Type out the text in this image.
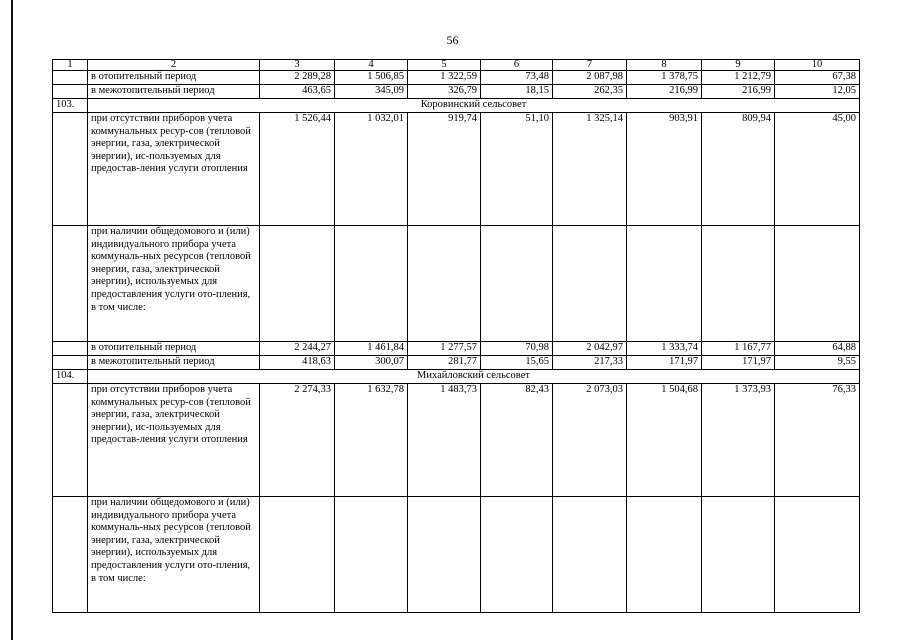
56
1	2	3	4	5	6	7	8	9	10
	в отопительный период	2 289,28	1 506,85	1 322,59	73,48	2 087,98	1 378,75	1 212,79	67,38
	в межотопительный период	463,65	345,09	326,79	18,15	262,35	216,99	216,99	12,05
103.	Коровинский сельсовет								
	при отсутствии приборов учета коммунальных ресур-сов (тепловой энергии, газа, электрической энергии), ис-пользуемых для предостав-ления услуги отопления	1 526,44	1 032,01	919,74	51,10	1 325,14	903,91	809,94	45,00
	при наличии общедомового и (или) индивидуального прибора учета коммуналь-ных ресурсов (тепловой энергии, газа, электрической энергии), используемых для предоставления услуги ото-пления, в том числе:								
	в отопительный период	2 244,27	1 461,84	1 277,57	70,98	2 042,97	1 333,74	1 167,77	64,88
	в межотопительный период	418,63	300,07	281,77	15,65	217,33	171,97	171,97	9,55
104.	Михайловский сельсовет								
	при отсутствии приборов учета коммунальных ресур-сов (тепловой энергии, газа, электрической энергии), ис-пользуемых для предостав-ления услуги отопления	2 274,33	1 632,78	1 483,73	82,43	2 073,03	1 504,68	1 373,93	76,33
	при наличии общедомового и (или) индивидуального прибора учета коммуналь-ных ресурсов (тепловой энергии, газа, электрической энергии), используемых для предоставления услуги ото-пления, в том числе:								
